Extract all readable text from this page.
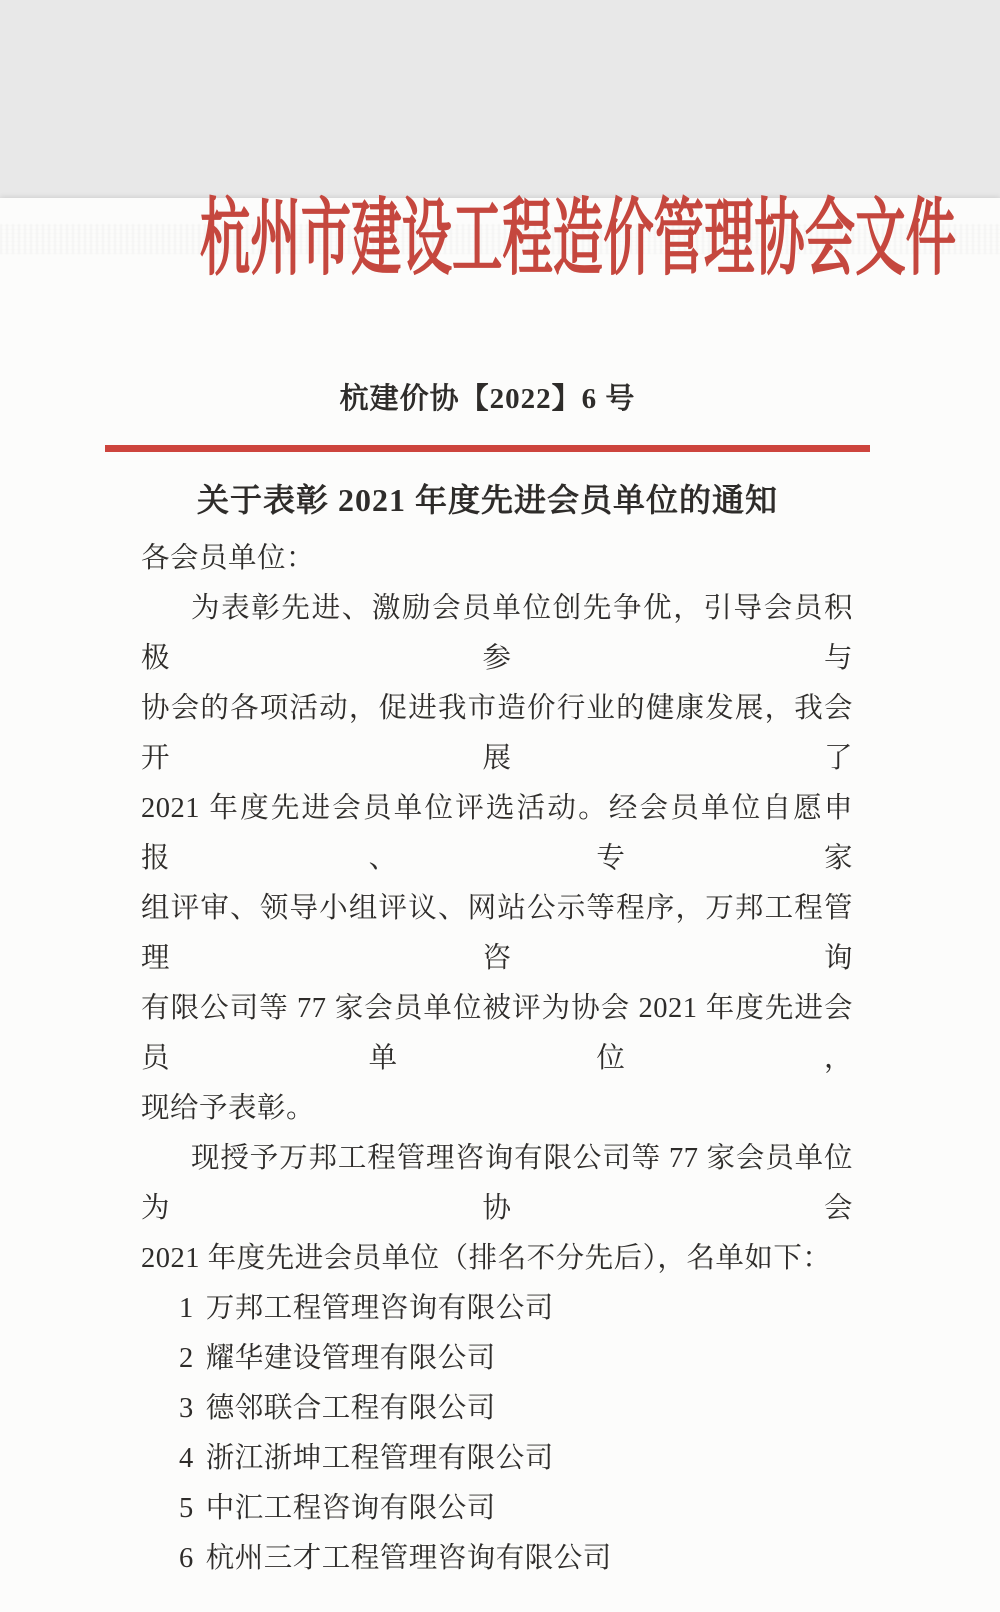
杭州市建设工程造价管理协会文件
杭建价协【2022】6 号
关于表彰 2021 年度先进会员单位的通知
各会员单位：
为表彰先进、激励会员单位创先争优，引导会员积极参与
协会的各项活动，促进我市造价行业的健康发展，我会开展了
2021 年度先进会员单位评选活动。经会员单位自愿申报、专家
组评审、领导小组评议、网站公示等程序，万邦工程管理咨询
有限公司等 77 家会员单位被评为协会 2021 年度先进会员单位，
现给予表彰。
现授予万邦工程管理咨询有限公司等 77 家会员单位为协会
2021 年度先进会员单位（排名不分先后），名单如下：
1 万邦工程管理咨询有限公司
2 耀华建设管理有限公司
3 德邻联合工程有限公司
4 浙江浙坤工程管理有限公司
5 中汇工程咨询有限公司
6 杭州三才工程管理咨询有限公司
